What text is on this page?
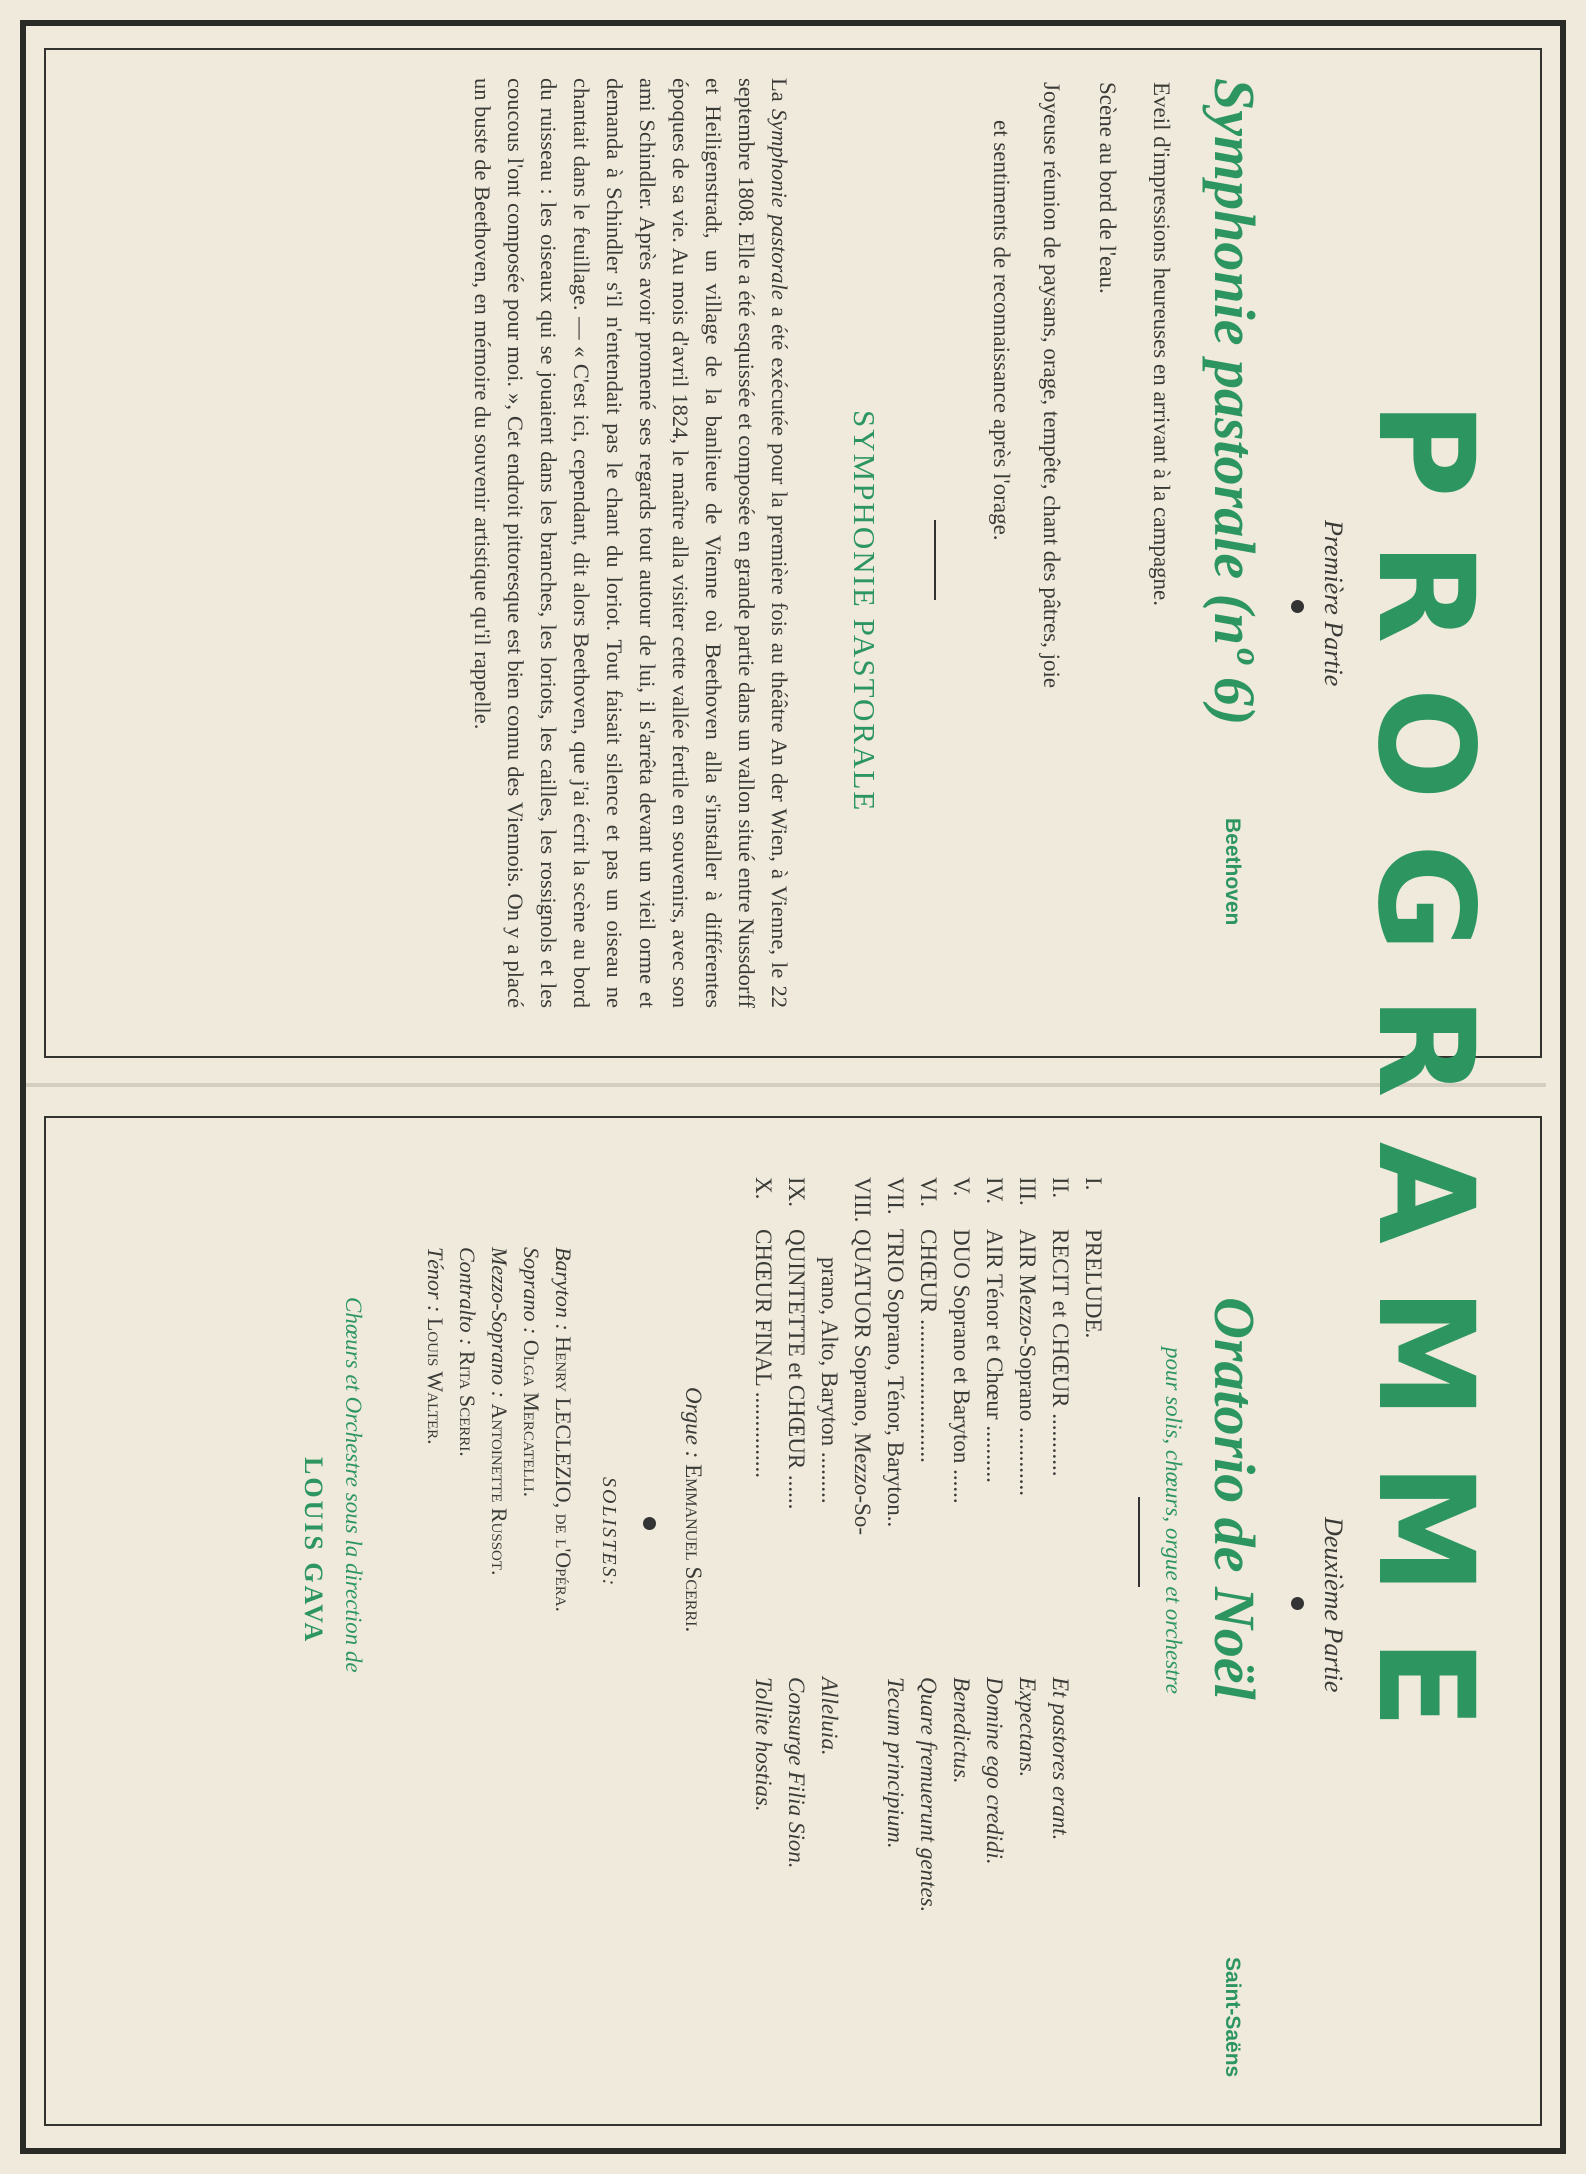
PROGRAMME
Première Partie
Symphonie pastorale (nº 6)
Beethoven
Eveil d'impressions heureuses en arrivant à la campagne.
Scène au bord de l'eau.
Joyeuse réunion de paysans, orage, tempête, chant des pâtres, joie
et sentiments de reconnaissance après l'orage.
SYMPHONIE PASTORALE
La Symphonie pastorale a été exécutée pour la première fois au théâtre An der Wien, à Vienne, le 22 septembre 1808. Elle a été esquissée et composée en grande partie dans un vallon situé entre Nussdorff et Heiligenstradt, un village de la banlieue de Vienne où Beethoven alla s'installer à différentes époques de sa vie. Au mois d'avril 1824, le maître alla visiter cette vallée fertile en souvenirs, avec son ami Schindler. Après avoir promené ses regards tout autour de lui, il s'arrêta devant un vieil orme et demanda à Schindler s'il n'entendait pas le chant du loriot. Tout faisait silence et pas un oiseau ne chantait dans le feuillage. — « C'est ici, cependant, dit alors Beethoven, que j'ai écrit la scène au bord du ruisseau : les oiseaux qui se jouaient dans les branches, les loriots, les cailles, les rossignols et les coucous l'ont composée pour moi. », Cet endroit pittoresque est bien connu des Viennois. On y a placé un buste de Beethoven, en mémoire du souvenir artistique qu'il rappelle.
Deuxième Partie
Oratorio de Noël
Saint-Saëns
pour solis, chœurs, orgue et orchestre
I.
PRELUDE.
II.
RECIT et CHŒUR ...........
Et pastores erant.
III.
AIR Mezzo-Soprano ............
Expectans.
IV.
AIR Ténor et Chœur ..........
Domine ego credidi.
V.
DUO Soprano et Baryton ......
Benedictus.
VI.
CHŒUR .........................
Quare fremuerunt gentes.
VII.
TRIO Soprano, Ténor, Baryton..
Tecum principium.
VIII.
QUATUOR Soprano, Mezzo-So-
prano, Alto, Baryton .........
Alleluia.
IX.
QUINTETTE et CHŒUR ......
Consurge Filia Sion.
X.
CHŒUR FINAL ...............
Tollite hostias.
Orgue : Emmanuel Scerri.
SOLISTES:
Baryton : Henry LECLEZIO, de l'Opéra.
Soprano : Olga Mercatelli.
Mezzo-Soprano : Antoinette Russot.
Contralto : Rita Scerri.
Ténor : Louis Walter.
Chœurs et Orchestre sous la direction de
LOUIS GAVA
